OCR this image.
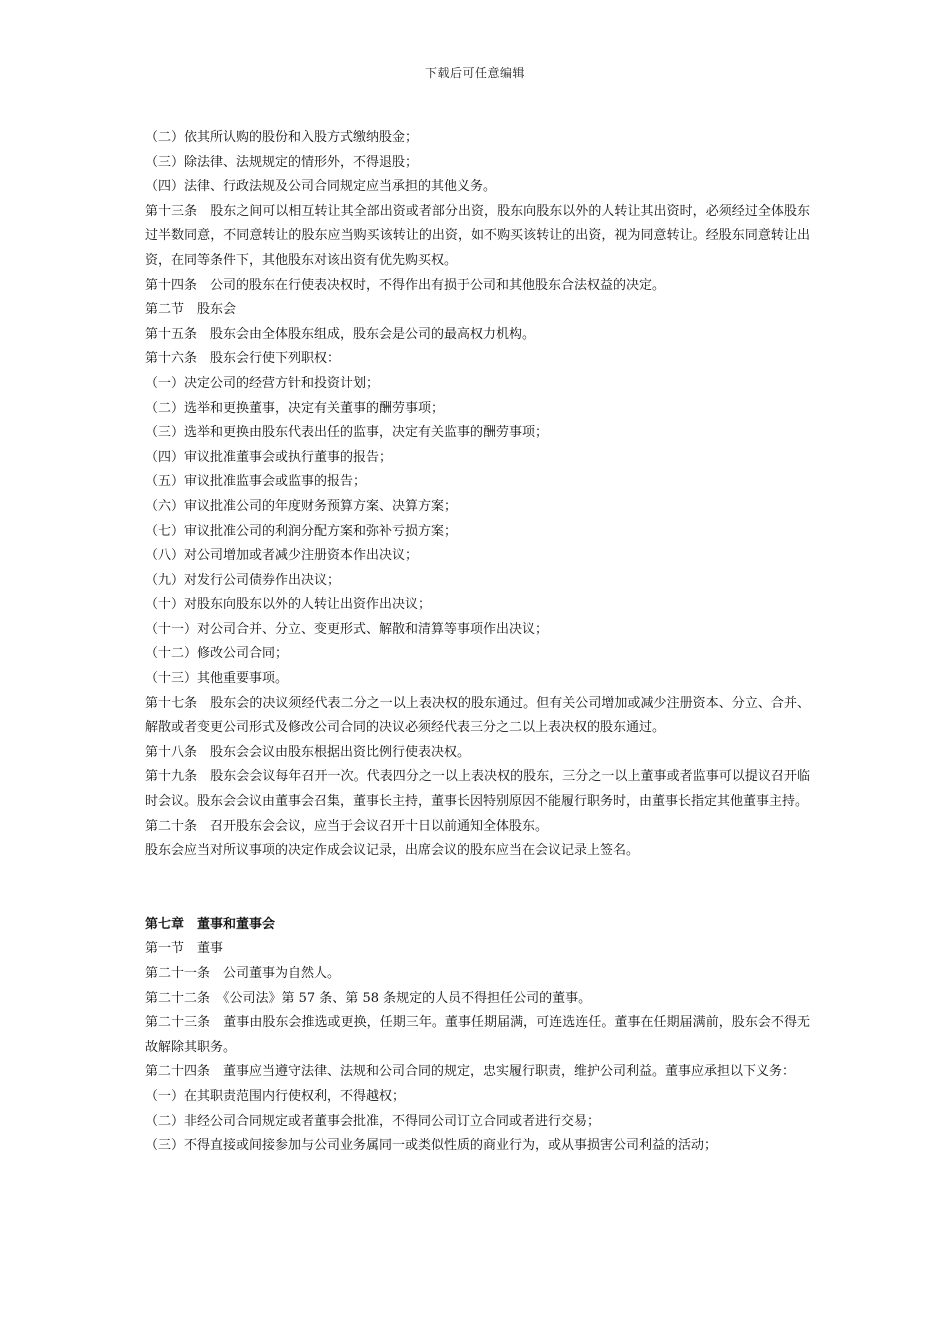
下载后可任意编辑

（二）依其所认购的股份和入股方式缴纳股金；

（三）除法律、法规规定的情形外，不得退股；

（四）法律、行政法规及公司合同规定应当承担的其他义务。

第十三条　股东之间可以相互转让其全部出资或者部分出资，股东向股东以外的人转让其出资时，必须经过全体股东过半数同意，不同意转让的股东应当购买该转让的出资，如不购买该转让的出资，视为同意转让。经股东同意转让出资，在同等条件下，其他股东对该出资有优先购买权。

第十四条　公司的股东在行使表决权时，不得作出有损于公司和其他股东合法权益的决定。

第二节　股东会

第十五条　股东会由全体股东组成，股东会是公司的最高权力机构。

第十六条　股东会行使下列职权：

（一）决定公司的经营方针和投资计划；

（二）选举和更换董事，决定有关董事的酬劳事项；

（三）选举和更换由股东代表出任的监事，决定有关监事的酬劳事项；

（四）审议批准董事会或执行董事的报告；

（五）审议批准监事会或监事的报告；

（六）审议批准公司的年度财务预算方案、决算方案；

（七）审议批准公司的利润分配方案和弥补亏损方案；

（八）对公司增加或者减少注册资本作出决议；

（九）对发行公司债券作出决议；

（十）对股东向股东以外的人转让出资作出决议；

（十一）对公司合并、分立、变更形式、解散和清算等事项作出决议；

（十二）修改公司合同；

（十三）其他重要事项。

第十七条　股东会的决议须经代表二分之一以上表决权的股东通过。但有关公司增加或减少注册资本、分立、合并、解散或者变更公司形式及修改公司合同的决议必须经代表三分之二以上表决权的股东通过。

第十八条　股东会会议由股东根据出资比例行使表决权。

第十九条　股东会会议每年召开一次。代表四分之一以上表决权的股东，三分之一以上董事或者监事可以提议召开临时会议。股东会会议由董事会召集，董事长主持，董事长因特别原因不能履行职务时，由董事长指定其他董事主持。

第二十条　召开股东会会议，应当于会议召开十日以前通知全体股东。

股东会应当对所议事项的决定作成会议记录，出席会议的股东应当在会议记录上签名。

第七章　董事和董事会

第一节　董事

第二十一条　公司董事为自然人。

第二十二条　《公司法》第 57 条、第 58 条规定的人员不得担任公司的董事。

第二十三条　董事由股东会推选或更换，任期三年。董事任期届满，可连选连任。董事在任期届满前，股东会不得无故解除其职务。

第二十四条　董事应当遵守法律、法规和公司合同的规定，忠实履行职责，维护公司利益。董事应承担以下义务：

（一）在其职责范围内行使权利，不得越权；

（二）非经公司合同规定或者董事会批准，不得同公司订立合同或者进行交易；

（三）不得直接或间接参加与公司业务属同一或类似性质的商业行为，或从事损害公司利益的活动；
